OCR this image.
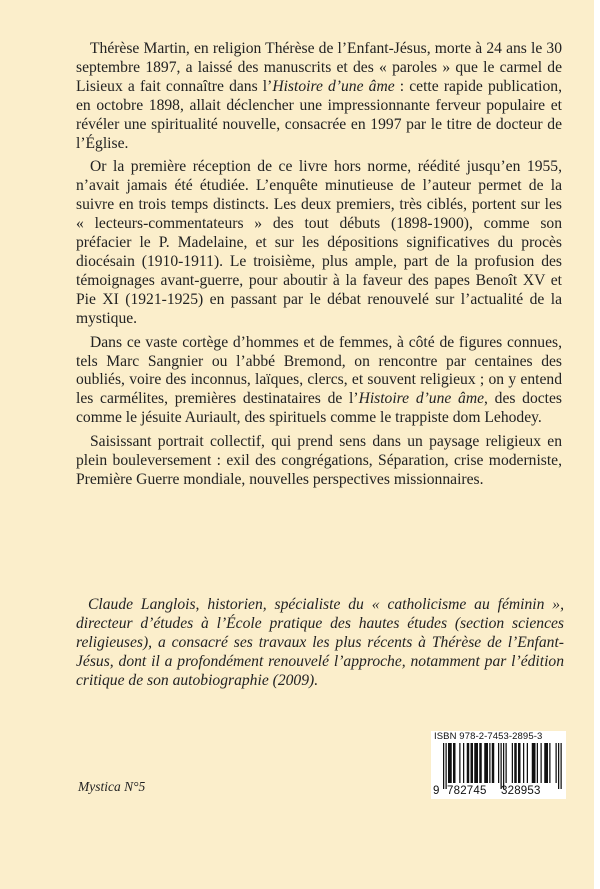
Thérèse Martin, en religion Thérèse de l’Enfant-Jésus, morte à 24 ans le 30 septembre 1897, a laissé des manuscrits et des « paroles » que le carmel de Lisieux a fait connaître dans l’Histoire d’une âme : cette rapide publication, en octobre 1898, allait déclencher une impressionnante ferveur populaire et révéler une spiritualité nouvelle, consacrée en 1997 par le titre de docteur de l’Église.

Or la première réception de ce livre hors norme, réédité jusqu’en 1955, n’avait jamais été étudiée. L’enquête minutieuse de l’auteur permet de la suivre en trois temps distincts. Les deux premiers, très ciblés, portent sur les « lecteurs-commentateurs » des tout débuts (1898-1900), comme son préfacier le P. Madelaine, et sur les dépositions significatives du procès diocésain (1910-1911). Le troisième, plus ample, part de la profusion des témoignages avant-guerre, pour aboutir à la faveur des papes Benoît XV et Pie XI (1921-1925) en passant par le débat renouvelé sur l’actualité de la mystique.

Dans ce vaste cortège d’hommes et de femmes, à côté de figures connues, tels Marc Sangnier ou l’abbé Bremond, on rencontre par centaines des oubliés, voire des inconnus, laïques, clercs, et souvent religieux ; on y entend les carmélites, premières destinataires de l’Histoire d’une âme, des doctes comme le jésuite Auriault, des spirituels comme le trappiste dom Lehodey.

Saisissant portrait collectif, qui prend sens dans un paysage religieux en plein bouleversement : exil des congrégations, Séparation, crise moderniste, Première Guerre mondiale, nouvelles perspectives missionnaires.

Claude Langlois, historien, spécialiste du « catholicisme au féminin », directeur d’études à l’École pratique des hautes études (section sciences religieuses), a consacré ses travaux les plus récents à Thérèse de l’Enfant-Jésus, dont il a profondément renouvelé l’approche, notamment par l’édition critique de son autobiographie (2009).

Mystica N°5

ISBN 978-2-7453-2895-3
9 782745 328953
